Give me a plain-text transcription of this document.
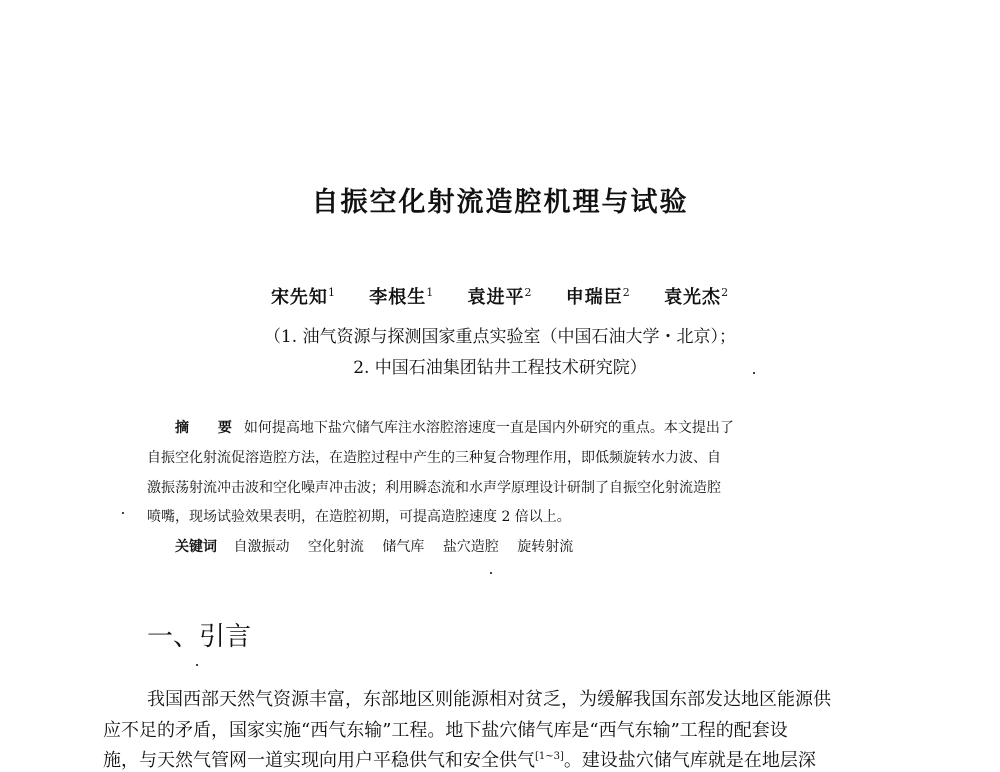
自振空化射流造腔机理与试验
宋先知$^1$ 李根生$^1$ 袁进平$^2$ 申瑞臣$^2$ 袁光杰$^2$
（1. 油气资源与探测国家重点实验室（中国石油大学・北京）；
2. 中国石油集团钻井工程技术研究院）
摘 要如何提高地下盐穴储气库注水溶腔溶速度一直是国内外研究的重点。本文提出了
自振空化射流促溶造腔方法，在造腔过程中产生的三种复合物理作用，即低频旋转水力波、自
激振荡射流冲击波和空化噪声冲击波；利用瞬态流和水声学原理设计研制了自振空化射流造腔
喷嘴，现场试验效果表明，在造腔初期，可提高造腔速度 2 倍以上。
关键词 自激振动 空化射流 储气库 盐穴造腔 旋转射流
一、引言
我国西部天然气资源丰富，东部地区则能源相对贫乏，为缓解我国东部发达地区能源供
应不足的矛盾，国家实施“西气东输”工程。地下盐穴储气库是“西气东输”工程的配套设
施，与天然气管网一道实现向用户平稳供气和安全供气[1~3]。建设盐穴储气库就是在地层深
